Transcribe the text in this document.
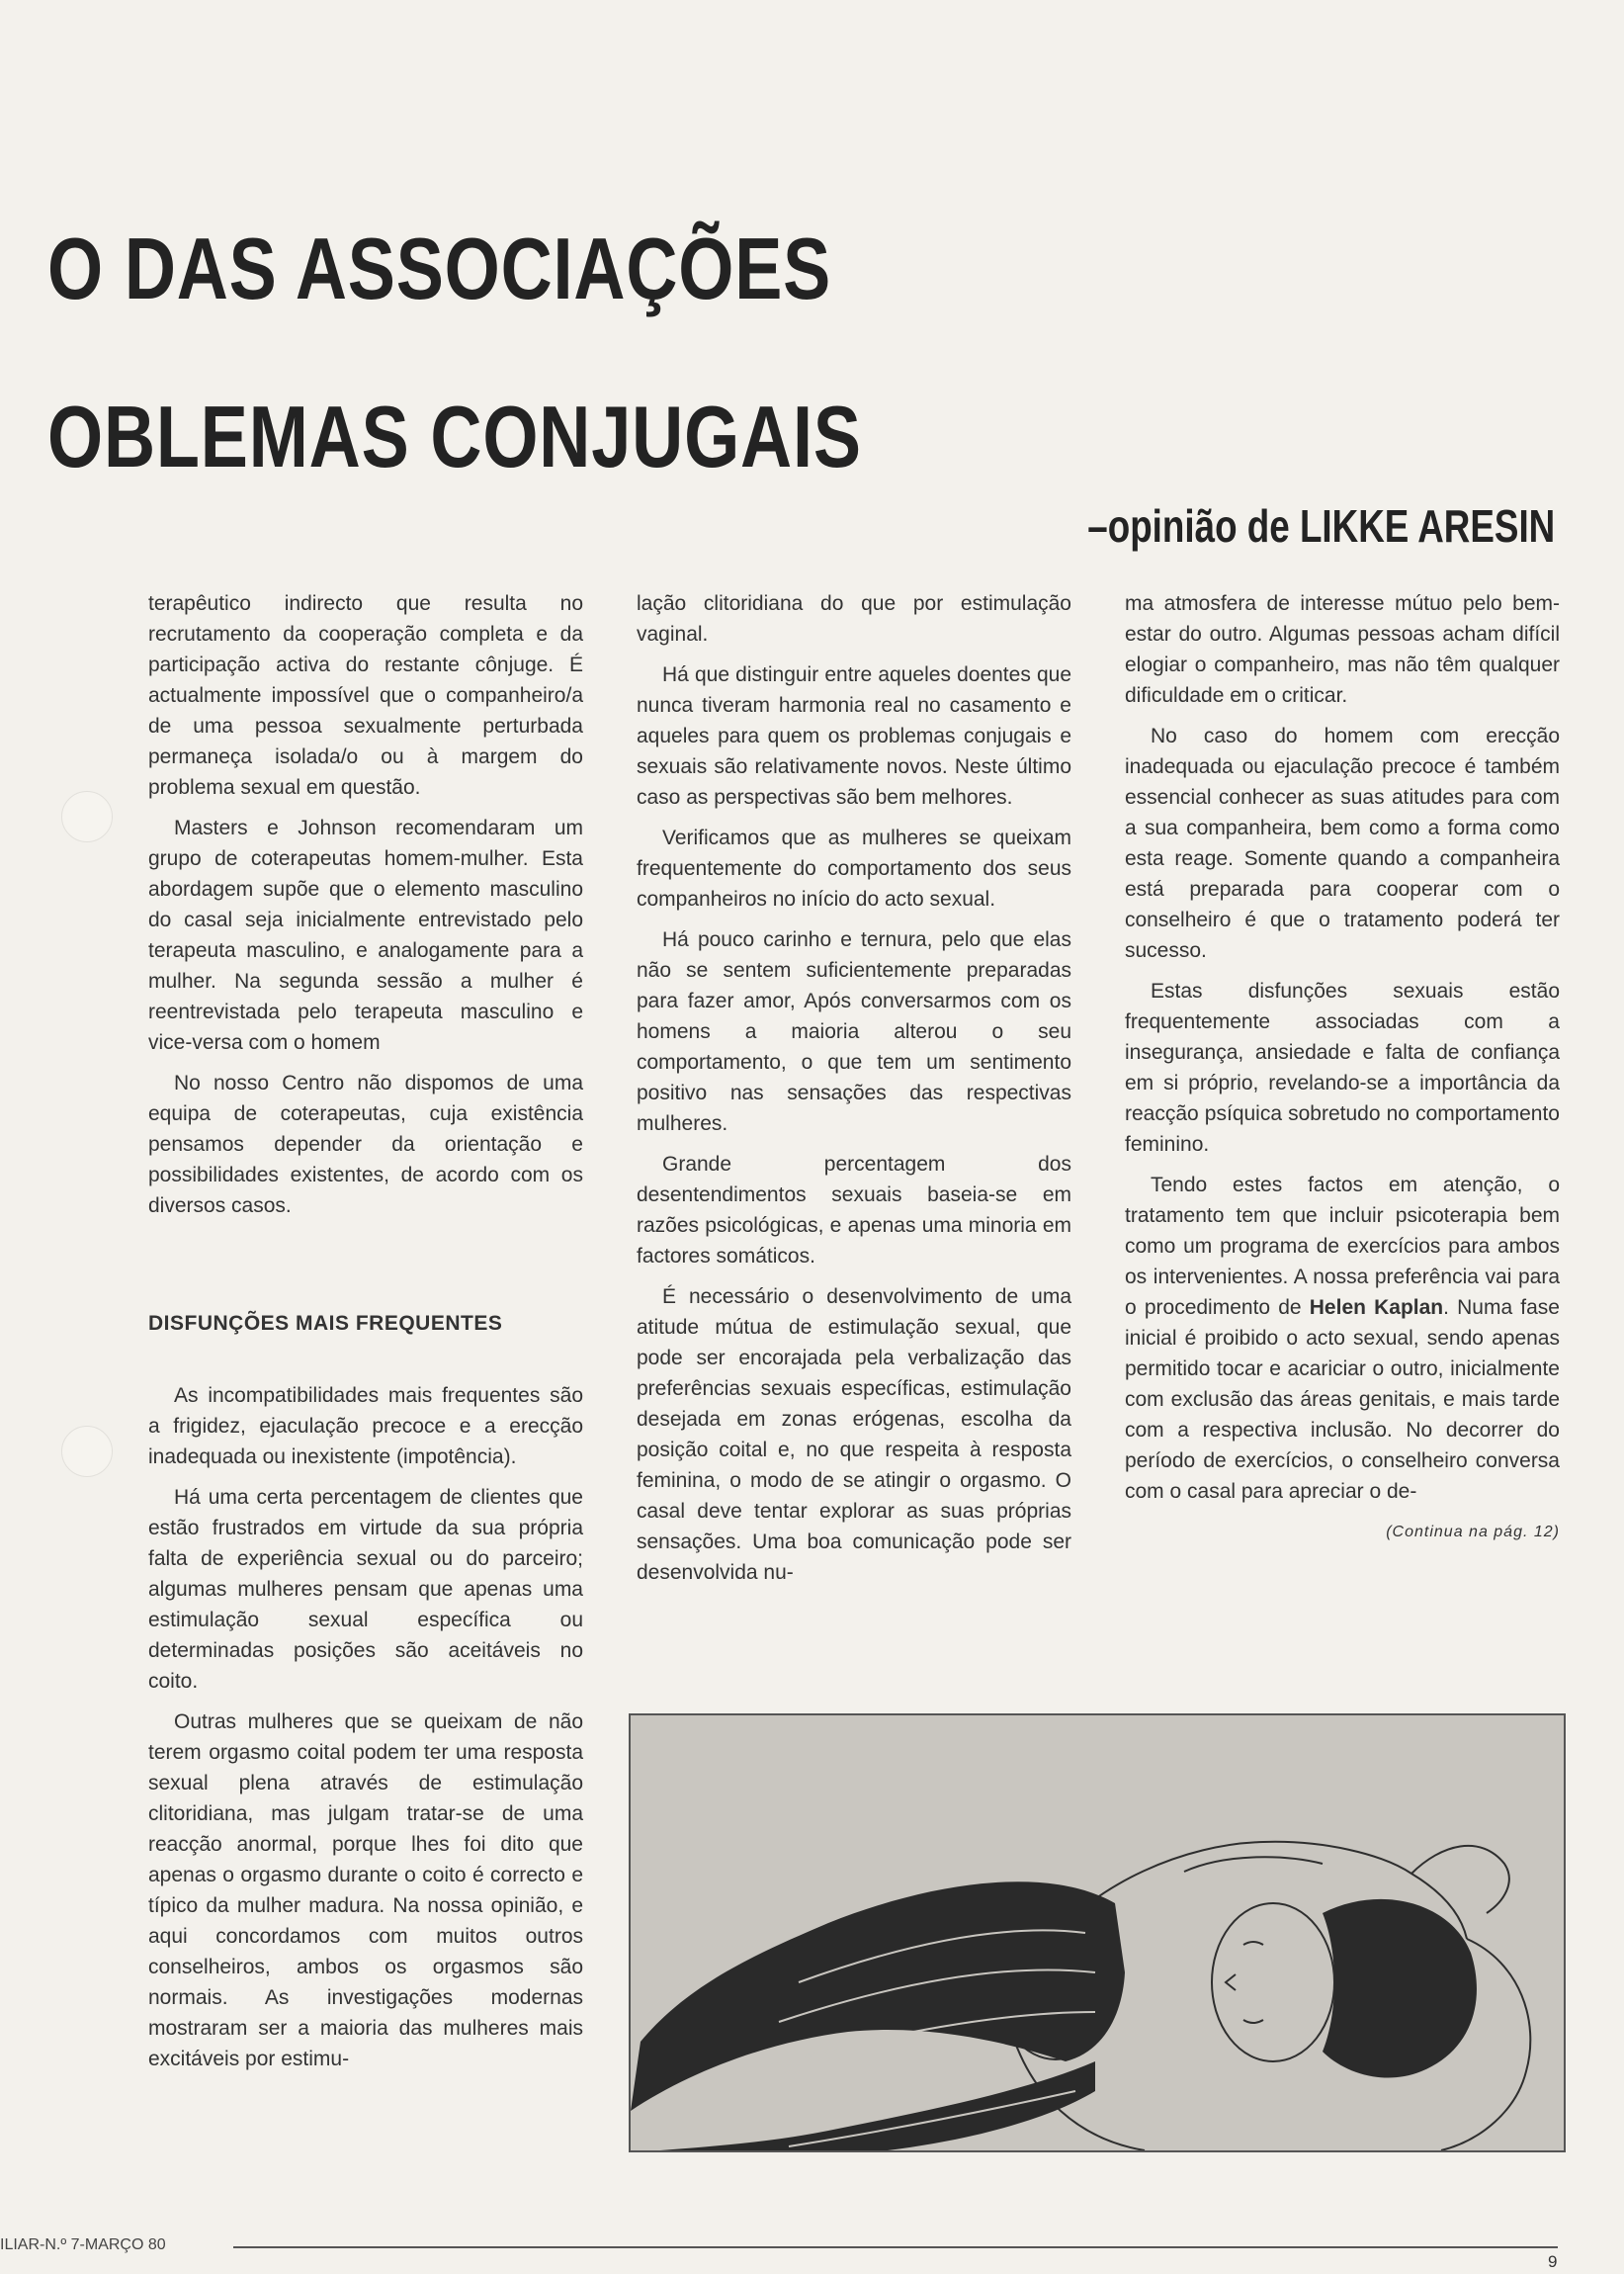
O DAS ASSOCIAÇÕES
OBLEMAS CONJUGAIS
–opinião de LIKKE ARESIN

terapêutico indirecto que resulta no recrutamento da cooperação completa e da participação activa do restante cônjuge. É actualmente impossível que o companheiro/a de uma pessoa sexualmente perturbada permaneça isolada/o ou à margem do problema sexual em questão.

Masters e Johnson recomendaram um grupo de coterapeutas homem-mulher. Esta abordagem supõe que o elemento masculino do casal seja inicialmente entrevistado pelo terapeuta masculino, e analogamente para a mulher. Na segunda sessão a mulher é reentrevistada pelo terapeuta masculino e vice-versa com o homem

No nosso Centro não dispomos de uma equipa de coterapeutas, cuja existência pensamos depender da orientação e possibilidades existentes, de acordo com os diversos casos.

DISFUNÇÕES MAIS FREQUENTES

As incompatibilidades mais frequentes são a frigidez, ejaculação precoce e a erecção inadequada ou inexistente (impotência).

Há uma certa percentagem de clientes que estão frustrados em virtude da sua própria falta de experiência sexual ou do parceiro; algumas mulheres pensam que apenas uma estimulação sexual específica ou determinadas posições são aceitáveis no coito.

Outras mulheres que se queixam de não terem orgasmo coital podem ter uma resposta sexual plena através de estimulação clitoridiana, mas julgam tratar-se de uma reacção anormal, porque lhes foi dito que apenas o orgasmo durante o coito é correcto e típico da mulher madura. Na nossa opinião, e aqui concordamos com muitos outros conselheiros, ambos os orgasmos são normais. As investigações modernas mostraram ser a maioria das mulheres mais excitáveis por estimu-

lação clitoridiana do que por estimulação vaginal.

Há que distinguir entre aqueles doentes que nunca tiveram harmonia real no casamento e aqueles para quem os problemas conjugais e sexuais são relativamente novos. Neste último caso as perspectivas são bem melhores.

Verificamos que as mulheres se queixam frequentemente do comportamento dos seus companheiros no início do acto sexual.

Há pouco carinho e ternura, pelo que elas não se sentem suficientemente preparadas para fazer amor, Após conversarmos com os homens a maioria alterou o seu comportamento, o que tem um sentimento positivo nas sensações das respectivas mulheres.

Grande percentagem dos desentendimentos sexuais baseia-se em razões psicológicas, e apenas uma minoria em factores somáticos.

É necessário o desenvolvimento de uma atitude mútua de estimulação sexual, que pode ser encorajada pela verbalização das preferências sexuais específicas, estimulação desejada em zonas erógenas, escolha da posição coital e, no que respeita à resposta feminina, o modo de se atingir o orgasmo. O casal deve tentar explorar as suas próprias sensações. Uma boa comunicação pode ser desenvolvida nu-

ma atmosfera de interesse mútuo pelo bem-estar do outro. Algumas pessoas acham difícil elogiar o companheiro, mas não têm qualquer dificuldade em o criticar.

No caso do homem com erecção inadequada ou ejaculação precoce é também essencial conhecer as suas atitudes para com a sua companheira, bem como a forma como esta reage. Somente quando a companheira está preparada para cooperar com o conselheiro é que o tratamento poderá ter sucesso.

Estas disfunções sexuais estão frequentemente associadas com a insegurança, ansiedade e falta de confiança em si próprio, revelando-se a importância da reacção psíquica sobretudo no comportamento feminino.

Tendo estes factos em atenção, o tratamento tem que incluir psicoterapia bem como um programa de exercícios para ambos os intervenientes. A nossa preferência vai para o procedimento de Helen Kaplan. Numa fase inicial é proibido o acto sexual, sendo apenas permitido tocar e acariciar o outro, inicialmente com exclusão das áreas genitais, e mais tarde com a respectiva inclusão. No decorrer do período de exercícios, o conselheiro conversa com o casal para apreciar o de-

(Continua na pág. 12)

ILIAR-N.º 7-MARÇO 80
9
